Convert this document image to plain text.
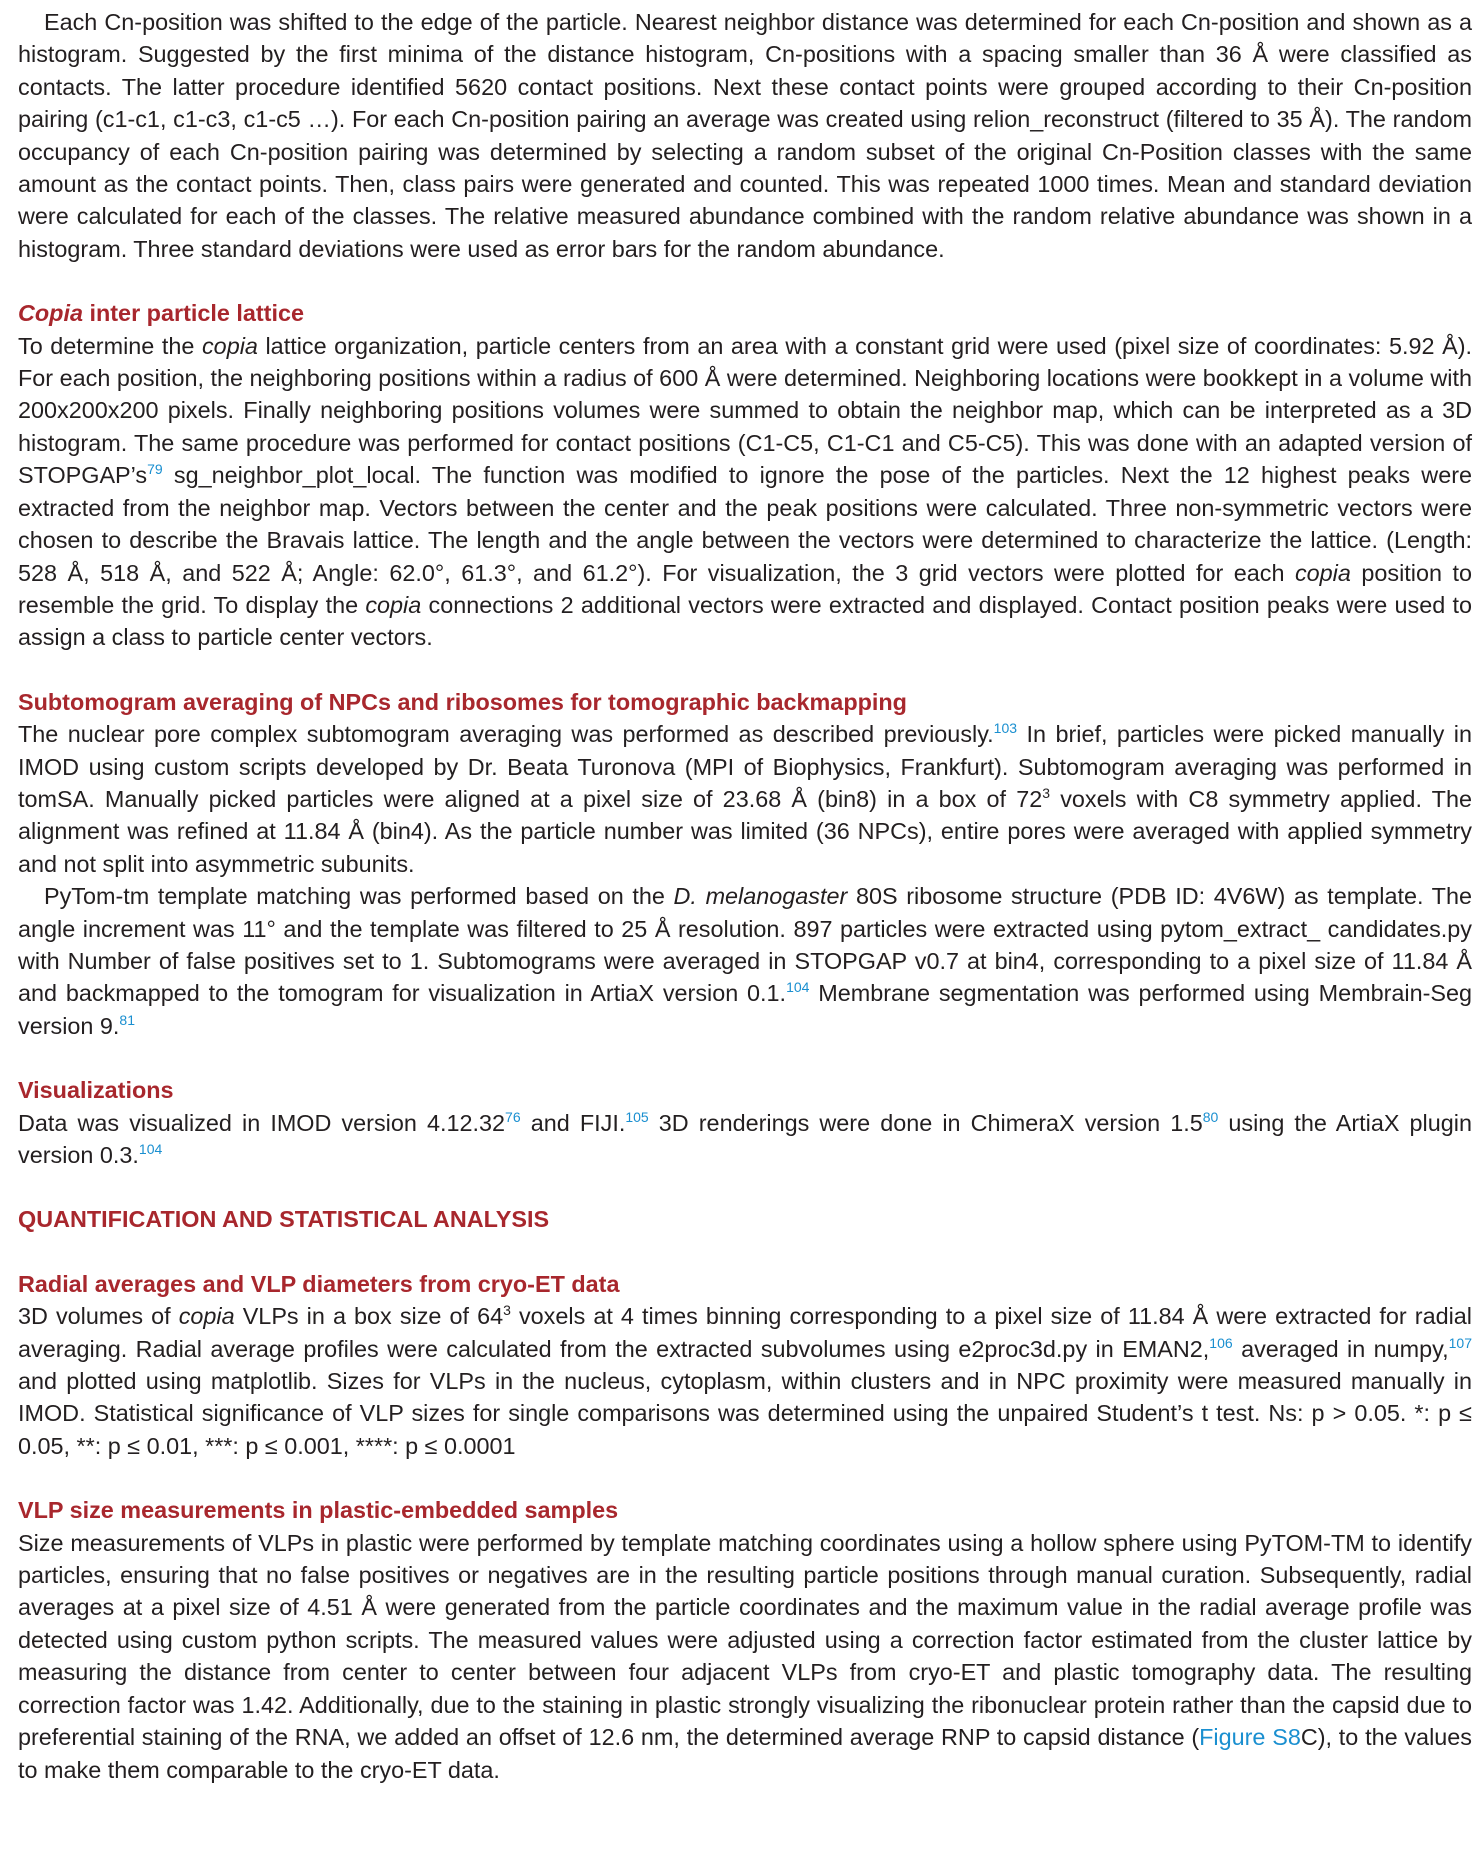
Each Cn-position was shifted to the edge of the particle. Nearest neighbor distance was determined for each Cn-position and shown as a histogram. Suggested by the first minima of the distance histogram, Cn-positions with a spacing smaller than 36 Å were classified as contacts. The latter procedure identified 5620 contact positions. Next these contact points were grouped according to their Cn-position pairing (c1-c1, c1-c3, c1-c5 …). For each Cn-position pairing an average was created using relion_reconstruct (filtered to 35 Å). The random occupancy of each Cn-position pairing was determined by selecting a random subset of the original Cn-Position classes with the same amount as the contact points. Then, class pairs were generated and counted. This was repeated 1000 times. Mean and standard deviation were calculated for each of the classes. The relative measured abundance combined with the random relative abundance was shown in a histogram. Three standard deviations were used as error bars for the random abundance.

Copia inter particle lattice

To determine the copia lattice organization, particle centers from an area with a constant grid were used (pixel size of coordinates: 5.92 Å). For each position, the neighboring positions within a radius of 600 Å were determined. Neighboring locations were bookkept in a volume with 200x200x200 pixels. Finally neighboring positions volumes were summed to obtain the neighbor map, which can be interpreted as a 3D histogram. The same procedure was performed for contact positions (C1-C5, C1-C1 and C5-C5). This was done with an adapted version of STOPGAP’s$^{79}$ sg_neighbor_plot_local. The function was modified to ignore the pose of the particles. Next the 12 highest peaks were extracted from the neighbor map. Vectors between the center and the peak positions were calculated. Three non-symmetric vectors were chosen to describe the Bravais lattice. The length and the angle between the vectors were determined to characterize the lattice. (Length: 528 Å, 518 Å, and 522 Å; Angle: 62.0°, 61.3°, and 61.2°). For visualization, the 3 grid vectors were plotted for each copia position to resemble the grid. To display the copia connections 2 additional vectors were extracted and displayed. Contact position peaks were used to assign a class to particle center vectors.

Subtomogram averaging of NPCs and ribosomes for tomographic backmapping

The nuclear pore complex subtomogram averaging was performed as described previously.$^{103}$ In brief, particles were picked manually in IMOD using custom scripts developed by Dr. Beata Turonova (MPI of Biophysics, Frankfurt). Subtomogram averaging was performed in tomSA. Manually picked particles were aligned at a pixel size of 23.68 Å (bin8) in a box of $72^3$ voxels with C8 symmetry applied. The alignment was refined at 11.84 Å (bin4). As the particle number was limited (36 NPCs), entire pores were averaged with applied symmetry and not split into asymmetric subunits.

PyTom-tm template matching was performed based on the D. melanogaster 80S ribosome structure (PDB ID: 4V6W) as template. The angle increment was 11° and the template was filtered to 25 Å resolution. 897 particles were extracted using pytom_extract_ candidates.py with Number of false positives set to 1. Subtomograms were averaged in STOPGAP v0.7 at bin4, corresponding to a pixel size of 11.84 Å and backmapped to the tomogram for visualization in ArtiaX version 0.1.$^{104}$ Membrane segmentation was performed using Membrain-Seg version 9.81

Visualizations

Data was visualized in IMOD version 4.12.32$^{76}$ and FIJI.$^{105}$ 3D renderings were done in ChimeraX version 1.5$^{80}$ using the ArtiaX plugin version 0.3.$^{104}$

QUANTIFICATION AND STATISTICAL ANALYSIS
Radial averages and VLP diameters from cryo-ET data

3D volumes of copia VLPs in a box size of $64^3$ voxels at 4 times binning corresponding to a pixel size of 11.84 Å were extracted for radial averaging. Radial average profiles were calculated from the extracted subvolumes using e2proc3d.py in EMAN2,$^{106}$ averaged in numpy,$^{107}$ and plotted using matplotlib. Sizes for VLPs in the nucleus, cytoplasm, within clusters and in NPC proximity were measured manually in IMOD. Statistical significance of VLP sizes for single comparisons was determined using the unpaired Student’s t test. Ns: p > 0.05. *: p ≤ 0.05, **: p ≤ 0.01, ***: p ≤ 0.001, ****: p ≤ 0.0001

VLP size measurements in plastic-embedded samples

Size measurements of VLPs in plastic were performed by template matching coordinates using a hollow sphere using PyTOM-TM to identify particles, ensuring that no false positives or negatives are in the resulting particle positions through manual curation. Subsequently, radial averages at a pixel size of 4.51 Å were generated from the particle coordinates and the maximum value in the radial average profile was detected using custom python scripts. The measured values were adjusted using a correction factor estimated from the cluster lattice by measuring the distance from center to center between four adjacent VLPs from cryo-ET and plastic tomography data. The resulting correction factor was 1.42. Additionally, due to the staining in plastic strongly visualizing the ribonuclear protein rather than the capsid due to preferential staining of the RNA, we added an offset of 12.6 nm, the determined average RNP to capsid distance (Figure S8C), to the values to make them comparable to the cryo-ET data.
